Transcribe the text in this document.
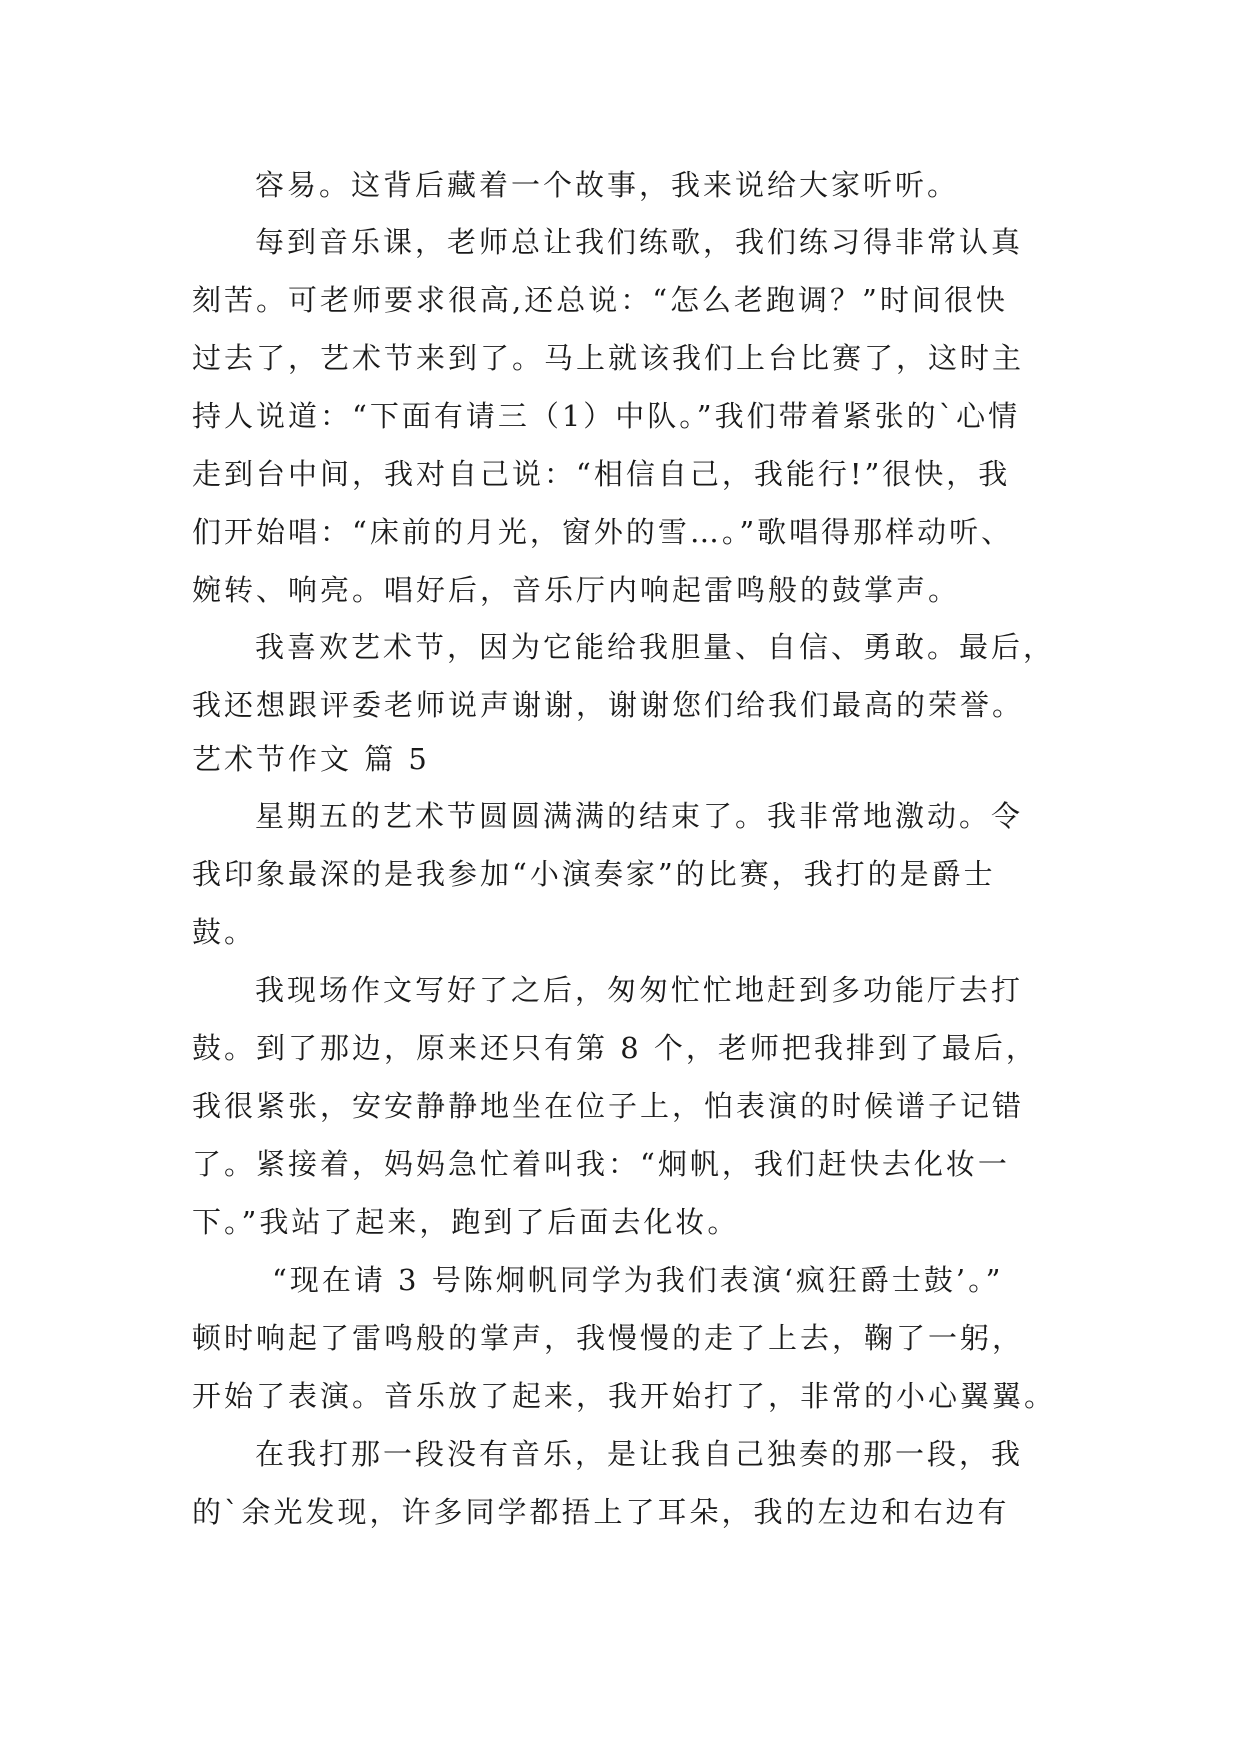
容易。这背后藏着一个故事，我来说给大家听听。

每到音乐课，老师总让我们练歌，我们练习得非常认真

刻苦。可老师要求很高,还总说：“怎么老跑调？”时间很快

过去了，艺术节来到了。马上就该我们上台比赛了，这时主

持人说道：“下面有请三（1）中队。”我们带着紧张的`心情

走到台中间，我对自己说：“相信自己，我能行!”很快，我

们开始唱：“床前的月光，窗外的雪…。”歌唱得那样动听、

婉转、响亮。唱好后，音乐厅内响起雷鸣般的鼓掌声。

我喜欢艺术节，因为它能给我胆量、自信、勇敢。最后，

我还想跟评委老师说声谢谢，谢谢您们给我们最高的荣誉。

艺术节作文 篇 5

星期五的艺术节圆圆满满的结束了。我非常地激动。令

我印象最深的是我参加“小演奏家”的比赛，我打的是爵士

鼓。

我现场作文写好了之后，匆匆忙忙地赶到多功能厅去打

鼓。到了那边，原来还只有第 8 个，老师把我排到了最后，

我很紧张，安安静静地坐在位子上，怕表演的时候谱子记错

了。紧接着，妈妈急忙着叫我：“炯帆，我们赶快去化妆一

下。”我站了起来，跑到了后面去化妆。

“现在请 3 号陈炯帆同学为我们表演‘疯狂爵士鼓’。”

顿时响起了雷鸣般的掌声，我慢慢的走了上去，鞠了一躬，

开始了表演。音乐放了起来，我开始打了，非常的小心翼翼。

在我打那一段没有音乐，是让我自己独奏的那一段，我

的`余光发现，许多同学都捂上了耳朵，我的左边和右边有
